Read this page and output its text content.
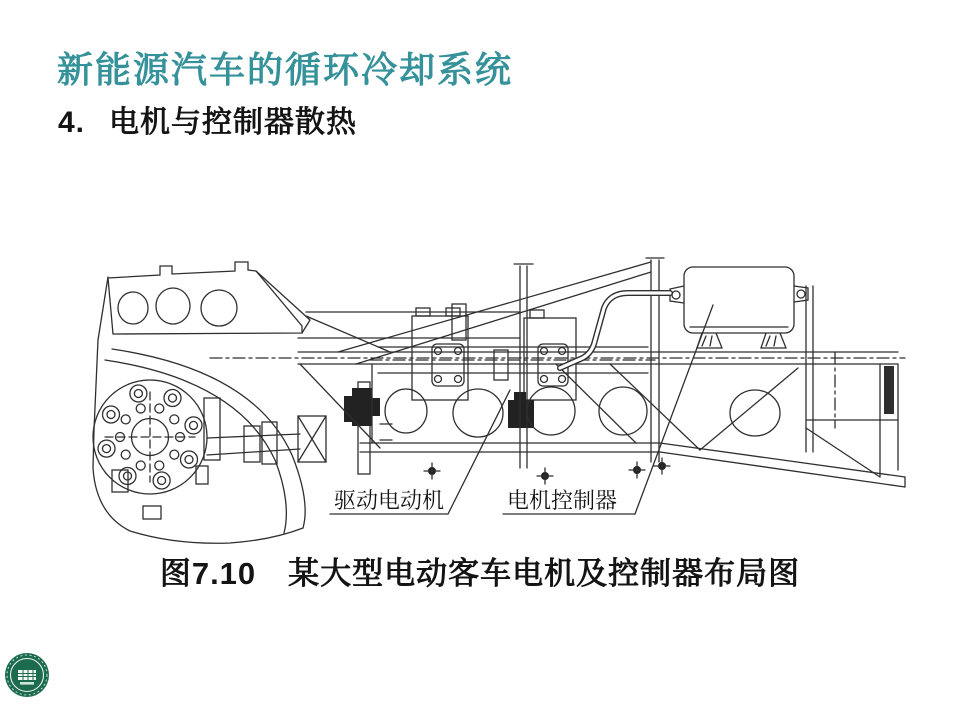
新能源汽车的循环冷却系统
4. 电机与控制器散热
驱动电动机	电机控制器
图7.10　某大型电动客车电机及控制器布局图
